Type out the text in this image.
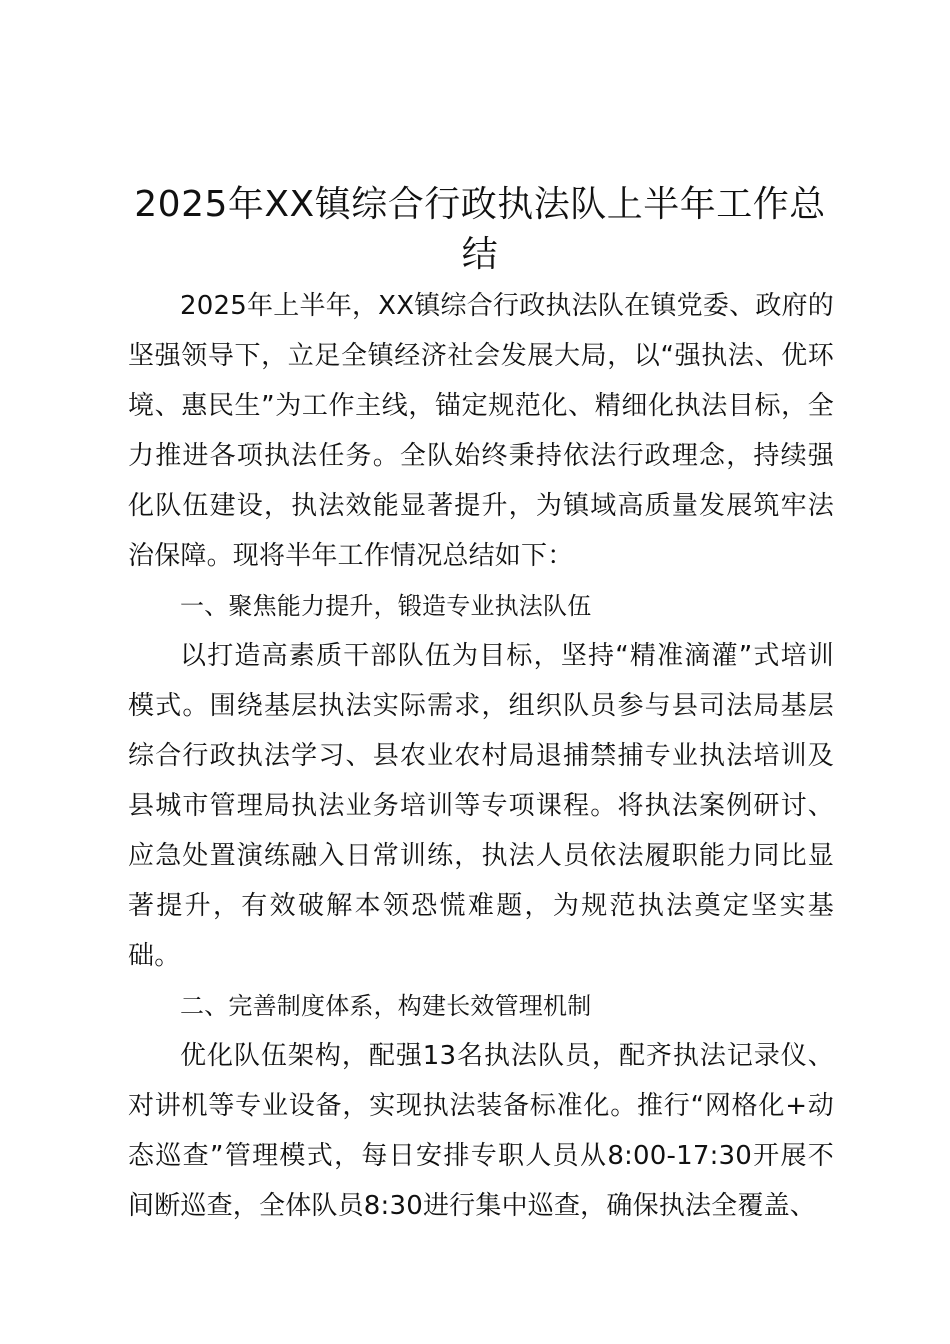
2025年XX镇综合行政执法队上半年工作总结

2025年上半年，XX镇综合行政执法队在镇党委、政府的坚强领导下，立足全镇经济社会发展大局，以“强执法、优环境、惠民生”为工作主线，锚定规范化、精细化执法目标，全力推进各项执法任务。全队始终秉持依法行政理念，持续强化队伍建设，执法效能显著提升，为镇域高质量发展筑牢法治保障。现将半年工作情况总结如下：

一、聚焦能力提升，锻造专业执法队伍

以打造高素质干部队伍为目标，坚持“精准滴灌”式培训模式。围绕基层执法实际需求，组织队员参与县司法局基层综合行政执法学习、县农业农村局退捕禁捕专业执法培训及县城市管理局执法业务培训等专项课程。将执法案例研讨、应急处置演练融入日常训练，执法人员依法履职能力同比显著提升，有效破解本领恐慌难题，为规范执法奠定坚实基础。

二、完善制度体系，构建长效管理机制

优化队伍架构，配强13名执法队员，配齐执法记录仪、对讲机等专业设备，实现执法装备标准化。推行“网格化+动态巡查”管理模式，每日安排专职人员从8:00-17:30开展不间断巡查，全体队员8:30进行集中巡查，确保执法全覆盖、
